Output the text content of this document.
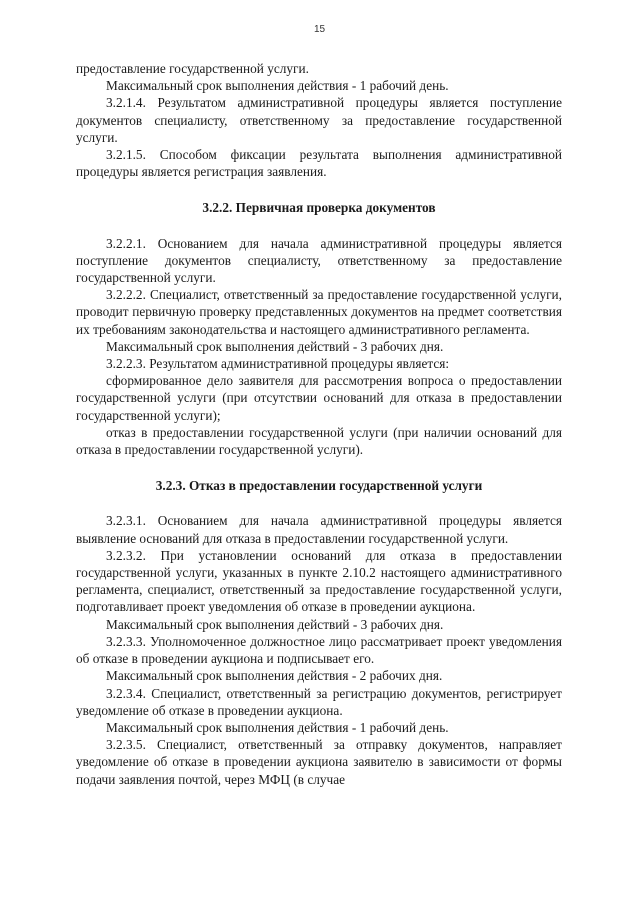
15

предоставление государственной услуги.

Максимальный срок выполнения действия - 1 рабочий день.

3.2.1.4. Результатом административной процедуры является поступление документов специалисту, ответственному за предоставление государственной услуги.

3.2.1.5. Способом фиксации результата выполнения административной процедуры является регистрация заявления.

3.2.2. Первичная проверка документов

3.2.2.1. Основанием для начала административной процедуры является поступление документов специалисту, ответственному за предоставление государственной услуги.

3.2.2.2. Специалист, ответственный за предоставление государственной услуги, проводит первичную проверку представленных документов на предмет соответствия их требованиям законодательства и настоящего административного регламента.

Максимальный срок выполнения действий - 3 рабочих дня.

3.2.2.3. Результатом административной процедуры является:

сформированное дело заявителя для рассмотрения вопроса о предоставлении государственной услуги (при отсутствии оснований для отказа в предоставлении государственной услуги);

отказ в предоставлении государственной услуги (при наличии оснований для отказа в предоставлении государственной услуги).

3.2.3. Отказ в предоставлении государственной услуги

3.2.3.1. Основанием для начала административной процедуры является выявление оснований для отказа в предоставлении государственной услуги.

3.2.3.2. При установлении оснований для отказа в предоставлении государственной услуги, указанных в пункте 2.10.2 настоящего административного регламента, специалист, ответственный за предоставление государственной услуги, подготавливает проект уведомления об отказе в проведении аукциона.

Максимальный срок выполнения действий - 3 рабочих дня.

3.2.3.3. Уполномоченное должностное лицо рассматривает проект уведомления об отказе в проведении аукциона и подписывает его.

Максимальный срок выполнения действия - 2 рабочих дня.

3.2.3.4. Специалист, ответственный за регистрацию документов, регистрирует уведомление об отказе в проведении аукциона.

Максимальный срок выполнения действия - 1 рабочий день.

3.2.3.5. Специалист, ответственный за отправку документов, направляет уведомление об отказе в проведении аукциона заявителю в зависимости от формы подачи заявления почтой, через МФЦ (в случае
